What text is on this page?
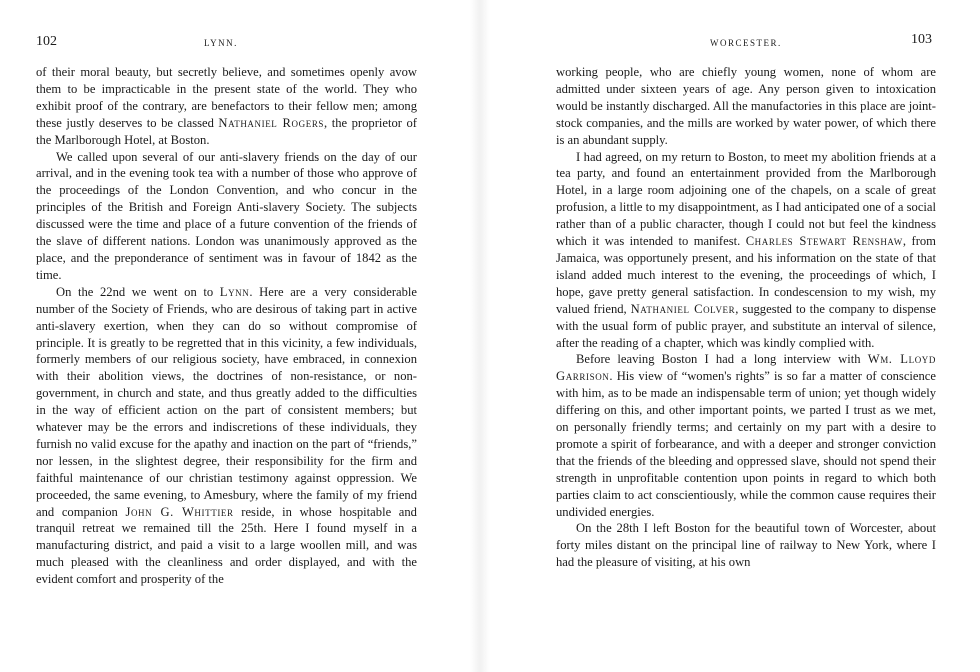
102	LYNN.

of their moral beauty, but secretly believe, and sometimes openly avow them to be impracticable in the present state of the world. They who exhibit proof of the contrary, are benefactors to their fellow men; among these justly deserves to be classed Nathaniel Rogers, the proprietor of the Marlborough Hotel, at Boston.

We called upon several of our anti-slavery friends on the day of our arrival, and in the evening took tea with a number of those who approve of the proceedings of the London Convention, and who concur in the principles of the British and Foreign Anti-slavery Society. The subjects discussed were the time and place of a future convention of the friends of the slave of different nations. London was unanimously approved as the place, and the preponderance of sentiment was in favour of 1842 as the time.

On the 22nd we went on to Lynn. Here are a very considerable number of the Society of Friends, who are desirous of taking part in active anti-slavery exertion, when they can do so without compromise of principle. It is greatly to be regretted that in this vicinity, a few individuals, formerly members of our religious society, have embraced, in connexion with their abolition views, the doctrines of non-resistance, or non-government, in church and state, and thus greatly added to the difficulties in the way of efficient action on the part of consistent members; but whatever may be the errors and indiscretions of these individuals, they furnish no valid excuse for the apathy and inaction on the part of “friends,” nor lessen, in the slightest degree, their responsibility for the firm and faithful maintenance of our christian testimony against oppression. We proceeded, the same evening, to Amesbury, where the family of my friend and companion John G. Whittier reside, in whose hospitable and tranquil retreat we remained till the 25th. Here I found myself in a manufacturing district, and paid a visit to a large woollen mill, and was much pleased with the cleanliness and order displayed, and with the evident comfort and prosperity of the

WORCESTER.	103

working people, who are chiefly young women, none of whom are admitted under sixteen years of age. Any person given to intoxication would be instantly discharged. All the manufactories in this place are joint-stock companies, and the mills are worked by water power, of which there is an abundant supply.

I had agreed, on my return to Boston, to meet my abolition friends at a tea party, and found an entertainment provided from the Marlborough Hotel, in a large room adjoining one of the chapels, on a scale of great profusion, a little to my disappointment, as I had anticipated one of a social rather than of a public character, though I could not but feel the kindness which it was intended to manifest. Charles Stewart Renshaw, from Jamaica, was opportunely present, and his information on the state of that island added much interest to the evening, the proceedings of which, I hope, gave pretty general satisfaction. In condescension to my wish, my valued friend, Nathaniel Colver, suggested to the company to dispense with the usual form of public prayer, and substitute an interval of silence, after the reading of a chapter, which was kindly complied with.

Before leaving Boston I had a long interview with Wm. Lloyd Garrison. His view of “women's rights” is so far a matter of conscience with him, as to be made an indispensable term of union; yet though widely differing on this, and other important points, we parted I trust as we met, on personally friendly terms; and certainly on my part with a desire to promote a spirit of forbearance, and with a deeper and stronger conviction that the friends of the bleeding and oppressed slave, should not spend their strength in unprofitable contention upon points in regard to which both parties claim to act conscientiously, while the common cause requires their undivided energies.

On the 28th I left Boston for the beautiful town of Worcester, about forty miles distant on the principal line of railway to New York, where I had the pleasure of visiting, at his own
